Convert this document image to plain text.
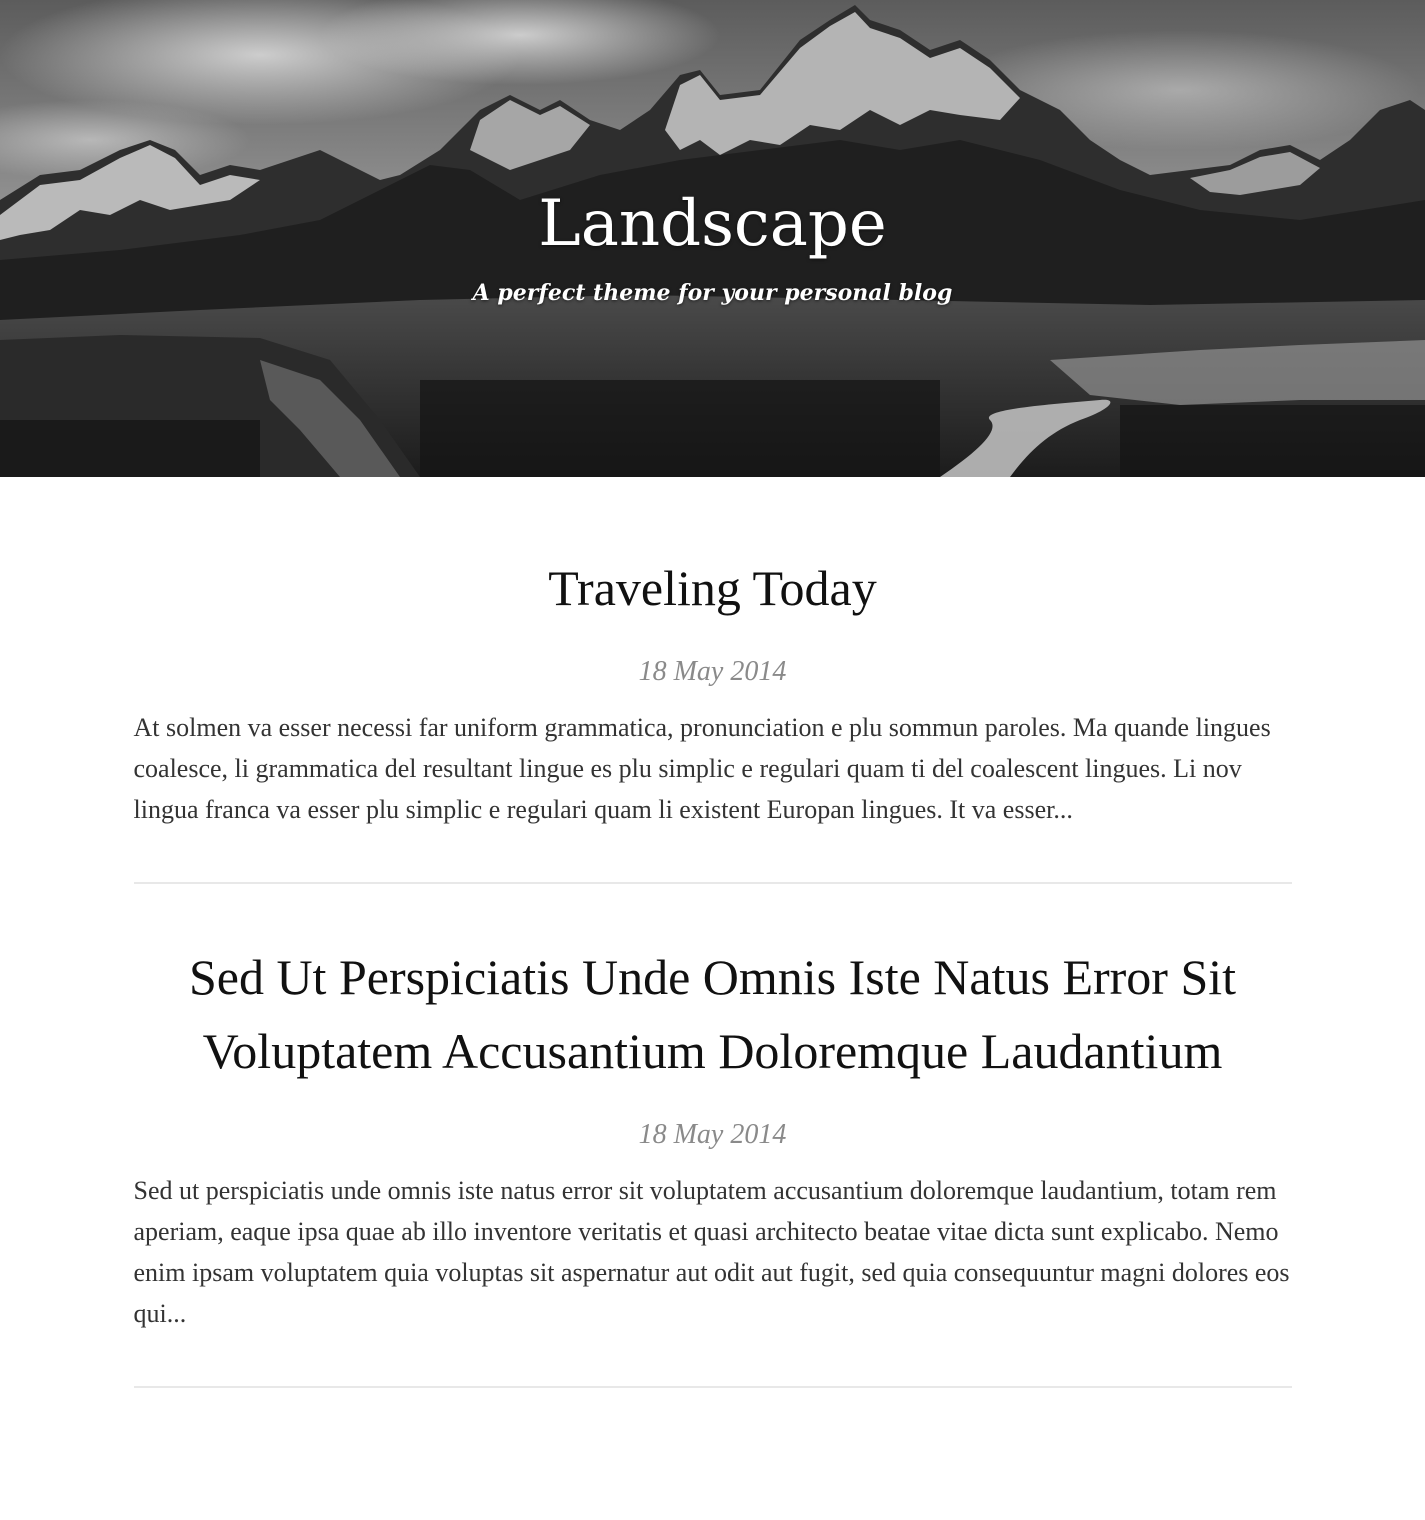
Landscape
A perfect theme for your personal blog
Traveling Today
18 May 2014

At solmen va esser necessi far uniform grammatica, pronunciation e plu sommun paroles. Ma quande lingues coalesce, li grammatica del resultant lingue es plu simplic e regulari quam ti del coalescent lingues. Li nov lingua franca va esser plu simplic e regulari quam li existent Europan lingues. It va esser...

Sed Ut Perspiciatis Unde Omnis Iste Natus Error Sit Voluptatem Accusantium Doloremque Laudantium
18 May 2014

Sed ut perspiciatis unde omnis iste natus error sit voluptatem accusantium doloremque laudantium, totam rem aperiam, eaque ipsa quae ab illo inventore veritatis et quasi architecto beatae vitae dicta sunt explicabo. Nemo enim ipsam voluptatem quia voluptas sit aspernatur aut odit aut fugit, sed quia consequuntur magni dolores eos qui...
